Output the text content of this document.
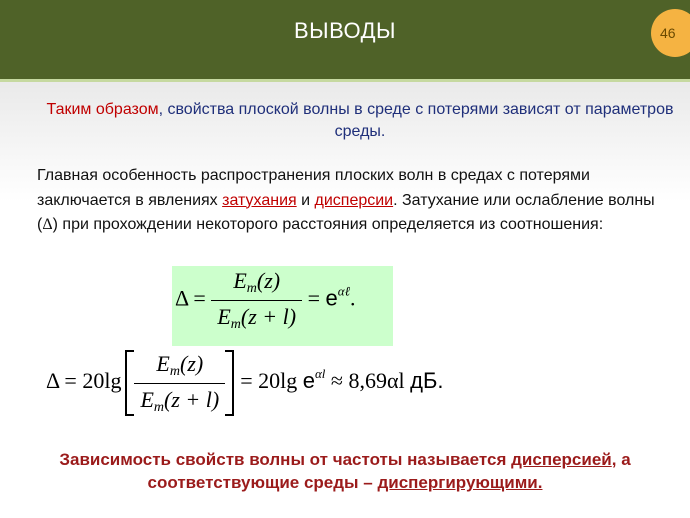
ВЫВОДЫ	46
Таким образом, свойства плоской волны в среде с потерями зависят от параметров среды.
Главная особенность распространения плоских волн в средах с потерями заключается в явлениях затухания и дисперсии. Затухание или ослабление волны (Δ) при прохождении некоторого расстояния определяется из соотношения:
$\Delta = \frac{E_m(z)}{E_m(z + l)} = e^{\alpha\ell}$.
$\Delta = 20\lg \frac{E_m(z)}{E_m(z + l)} = 20\lg$ $e^{\alpha l} \approx 8,69\alpha l$ дБ.
Зависимость свойств волны от частоты называется дисперсией, а соответствующие среды – диспергирующими.
